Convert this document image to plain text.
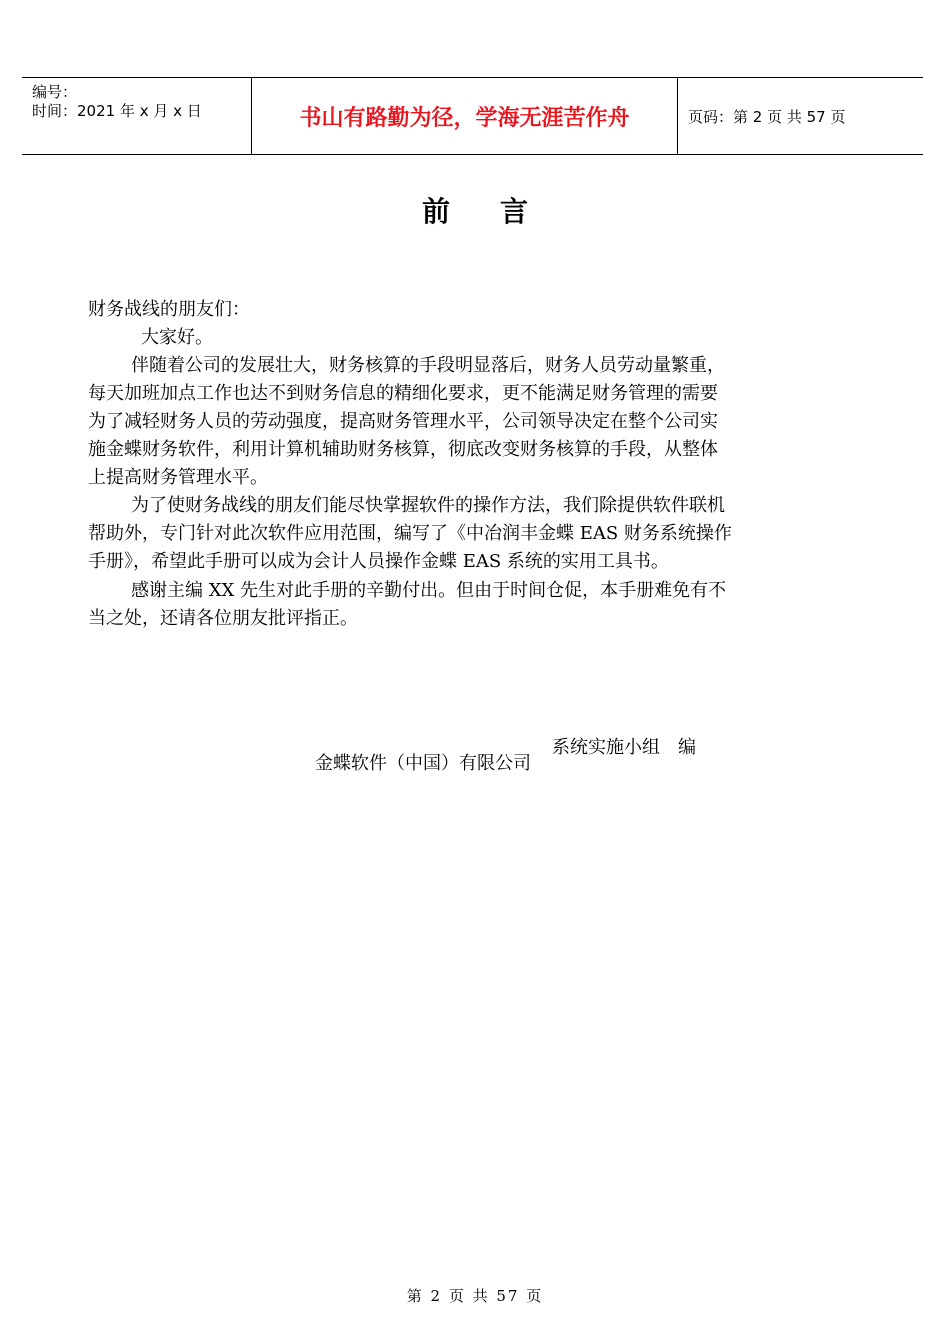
编号：
时间：2021 年 x 月 x 日	书山有路勤为径，学海无涯苦作舟	页码：第 2 页 共 57 页
前言
财务战线的朋友们：
大家好。
伴随着公司的发展壮大，财务核算的手段明显落后，财务人员劳动量繁重，
每天加班加点工作也达不到财务信息的精细化要求，更不能满足财务管理的需要
为了减轻财务人员的劳动强度，提高财务管理水平，公司领导决定在整个公司实
施金蝶财务软件，利用计算机辅助财务核算，彻底改变财务核算的手段，从整体
上提高财务管理水平。
为了使财务战线的朋友们能尽快掌握软件的操作方法，我们除提供软件联机
帮助外，专门针对此次软件应用范围，编写了《中冶润丰金蝶 EAS 财务系统操作
手册》，希望此手册可以成为会计人员操作金蝶 EAS 系统的实用工具书。
感谢主编 XX 先生对此手册的辛勤付出。但由于时间仓促，本手册难免有不
当之处，还请各位朋友批评指正。
系统实施小组　编
金蝶软件（中国）有限公司
第 2 页 共 57 页
